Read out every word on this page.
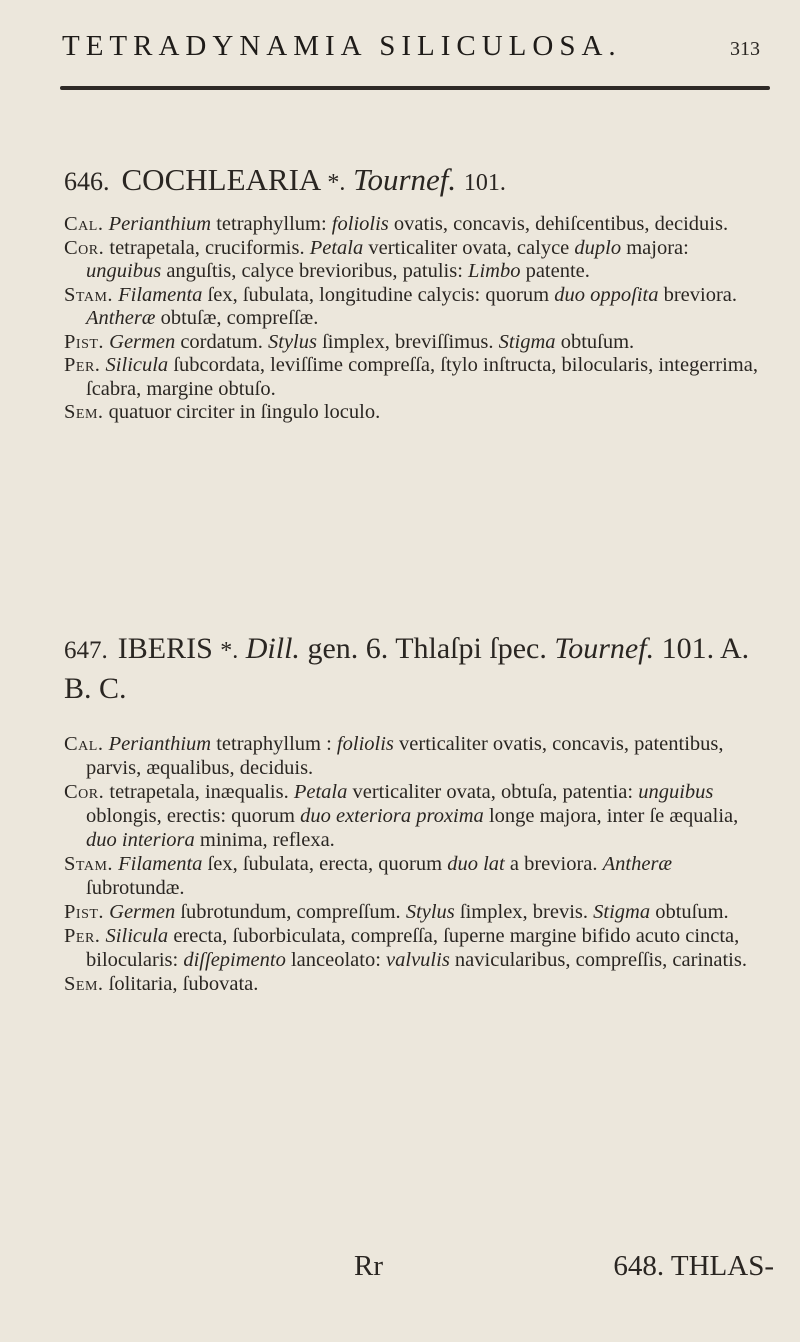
TETRADYNAMIA SILICULOSA.	313
646. COCHLEARIA *. Tournef. 101.
Cal. Perianthium tetraphyllum: foliolis ovatis, concavis, dehiſcentibus, deciduis.
Cor. tetrapetala, cruciformis. Petala verticaliter ovata, calyce duplo majora: unguibus anguſtis, calyce brevioribus, patulis: Limbo patente.
Stam. Filamenta ſex, ſubulata, longitudine calycis: quorum duo oppoſita breviora. Antheræ obtuſæ, compreſſæ.
Pist. Germen cordatum. Stylus ſimplex, breviſſimus. Stigma obtuſum.
Per. Silicula ſubcordata, leviſſime compreſſa, ſtylo inſtructa, bilocularis, integerrima, ſcabra, margine obtuſo.
Sem. quatuor circiter in ſingulo loculo.
647. IBERIS *. Dill. gen. 6. Thlaſpi ſpec. Tournef. 101. A. B. C.
Cal. Perianthium tetraphyllum : foliolis verticaliter ovatis, concavis, patentibus, parvis, æqualibus, deciduis.
Cor. tetrapetala, inæqualis. Petala verticaliter ovata, obtuſa, patentia: unguibus oblongis, erectis: quorum duo exteriora proxima longe majora, inter ſe æqualia, duo interiora minima, reflexa.
Stam. Filamenta ſex, ſubulata, erecta, quorum duo lat a breviora. Antheræ ſubrotundæ.
Pist. Germen ſubrotundum, compreſſum. Stylus ſimplex, brevis. Stigma obtuſum.
Per. Silicula erecta, ſuborbiculata, compreſſa, ſuperne margine bifido acuto cincta, bilocularis: diſſepimento lanceolato: valvulis navicularibus, compreſſis, carinatis.
Sem. ſolitaria, ſubovata.
Rr	648. THLAS-
